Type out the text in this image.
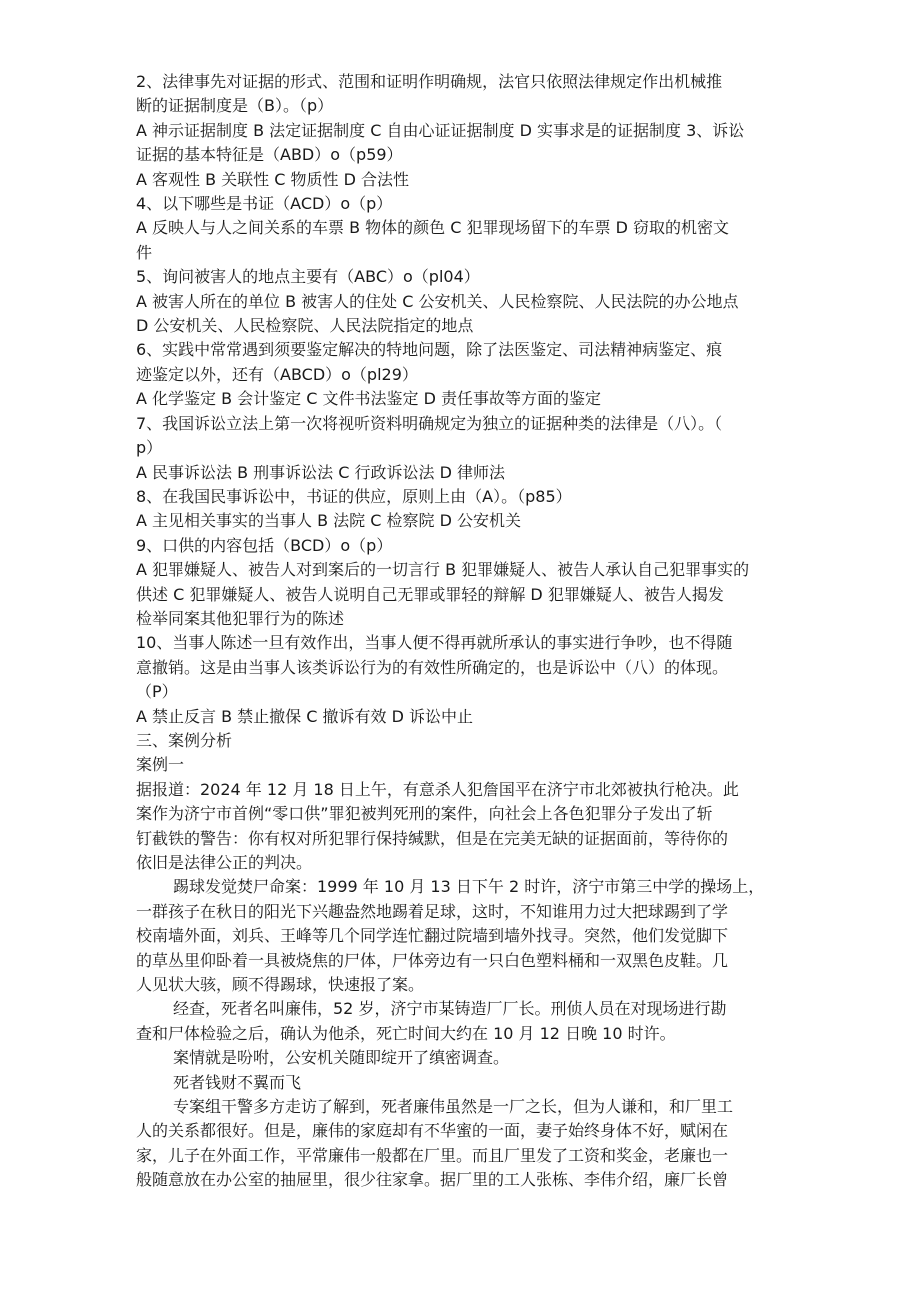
2、法律事先对证据的形式、范围和证明作明确规，法官只依照法律规定作出机械推
断的证据制度是（B）。（p）
A 神示证据制度 B 法定证据制度 C 自由心证证据制度 D 实事求是的证据制度 3、诉讼
证据的基本特征是（ABD）o（p59）
A 客观性 B 关联性 C 物质性 D 合法性
4、以下哪些是书证（ACD）o（p）
A 反映人与人之间关系的车票 B 物体的颜色 C 犯罪现场留下的车票 D 窃取的机密文
件
5、询问被害人的地点主要有（ABC）o（pl04）
A 被害人所在的单位 B 被害人的住处 C 公安机关、人民检察院、人民法院的办公地点
D 公安机关、人民检察院、人民法院指定的地点
6、实践中常常遇到须要鉴定解决的特地问题，除了法医鉴定、司法精神病鉴定、痕
迹鉴定以外，还有（ABCD）o（pl29）
A 化学鉴定 B 会计鉴定 C 文件书法鉴定 D 责任事故等方面的鉴定
7、我国诉讼立法上第一次将视听资料明确规定为独立的证据种类的法律是（八）。（
p）
A 民事诉讼法 B 刑事诉讼法 C 行政诉讼法 D 律师法
8、在我国民事诉讼中，书证的供应，原则上由（A）。（p85）
A 主见相关事实的当事人 B 法院 C 检察院 D 公安机关
9、口供的内容包括（BCD）o（p）
A 犯罪嫌疑人、被告人对到案后的一切言行 B 犯罪嫌疑人、被告人承认自己犯罪事实的
供述 C 犯罪嫌疑人、被告人说明自己无罪或罪轻的辩解 D 犯罪嫌疑人、被告人揭发
检举同案其他犯罪行为的陈述
10、当事人陈述一旦有效作出，当事人便不得再就所承认的事实进行争吵，也不得随
意撤销。这是由当事人该类诉讼行为的有效性所确定的，也是诉讼中（八）的体现。
（P）
A 禁止反言 B 禁止撤保 C 撤诉有效 D 诉讼中止
三、案例分析
案例一
据报道：2024 年 12 月 18 日上午，有意杀人犯詹国平在济宁市北郊被执行枪决。此
案作为济宁市首例“零口供”罪犯被判死刑的案件，向社会上各色犯罪分子发出了斩
钉截铁的警告：你有权对所犯罪行保持缄默，但是在完美无缺的证据面前，等待你的
依旧是法律公正的判决。
踢球发觉焚尸命案：1999 年 10 月 13 日下午 2 时许，济宁市第三中学的操场上，
一群孩子在秋日的阳光下兴趣盎然地踢着足球，这时，不知谁用力过大把球踢到了学
校南墙外面，刘兵、王峰等几个同学连忙翻过院墙到墙外找寻。突然，他们发觉脚下
的草丛里仰卧着一具被烧焦的尸体，尸体旁边有一只白色塑料桶和一双黑色皮鞋。几
人见状大骇，顾不得踢球，快速报了案。
经查，死者名叫廉伟，52 岁，济宁市某铸造厂厂长。刑侦人员在对现场进行勘
查和尸体检验之后，确认为他杀，死亡时间大约在 10 月 12 日晚 10 时许。
案情就是吩咐，公安机关随即绽开了缜密调查。
死者钱财不翼而飞
专案组干警多方走访了解到，死者廉伟虽然是一厂之长，但为人谦和，和厂里工
人的关系都很好。但是，廉伟的家庭却有不华蜜的一面，妻子始终身体不好，赋闲在
家，儿子在外面工作，平常廉伟一般都在厂里。而且厂里发了工资和奖金，老廉也一
般随意放在办公室的抽屉里，很少往家拿。据厂里的工人张栋、李伟介绍，廉厂长曾
